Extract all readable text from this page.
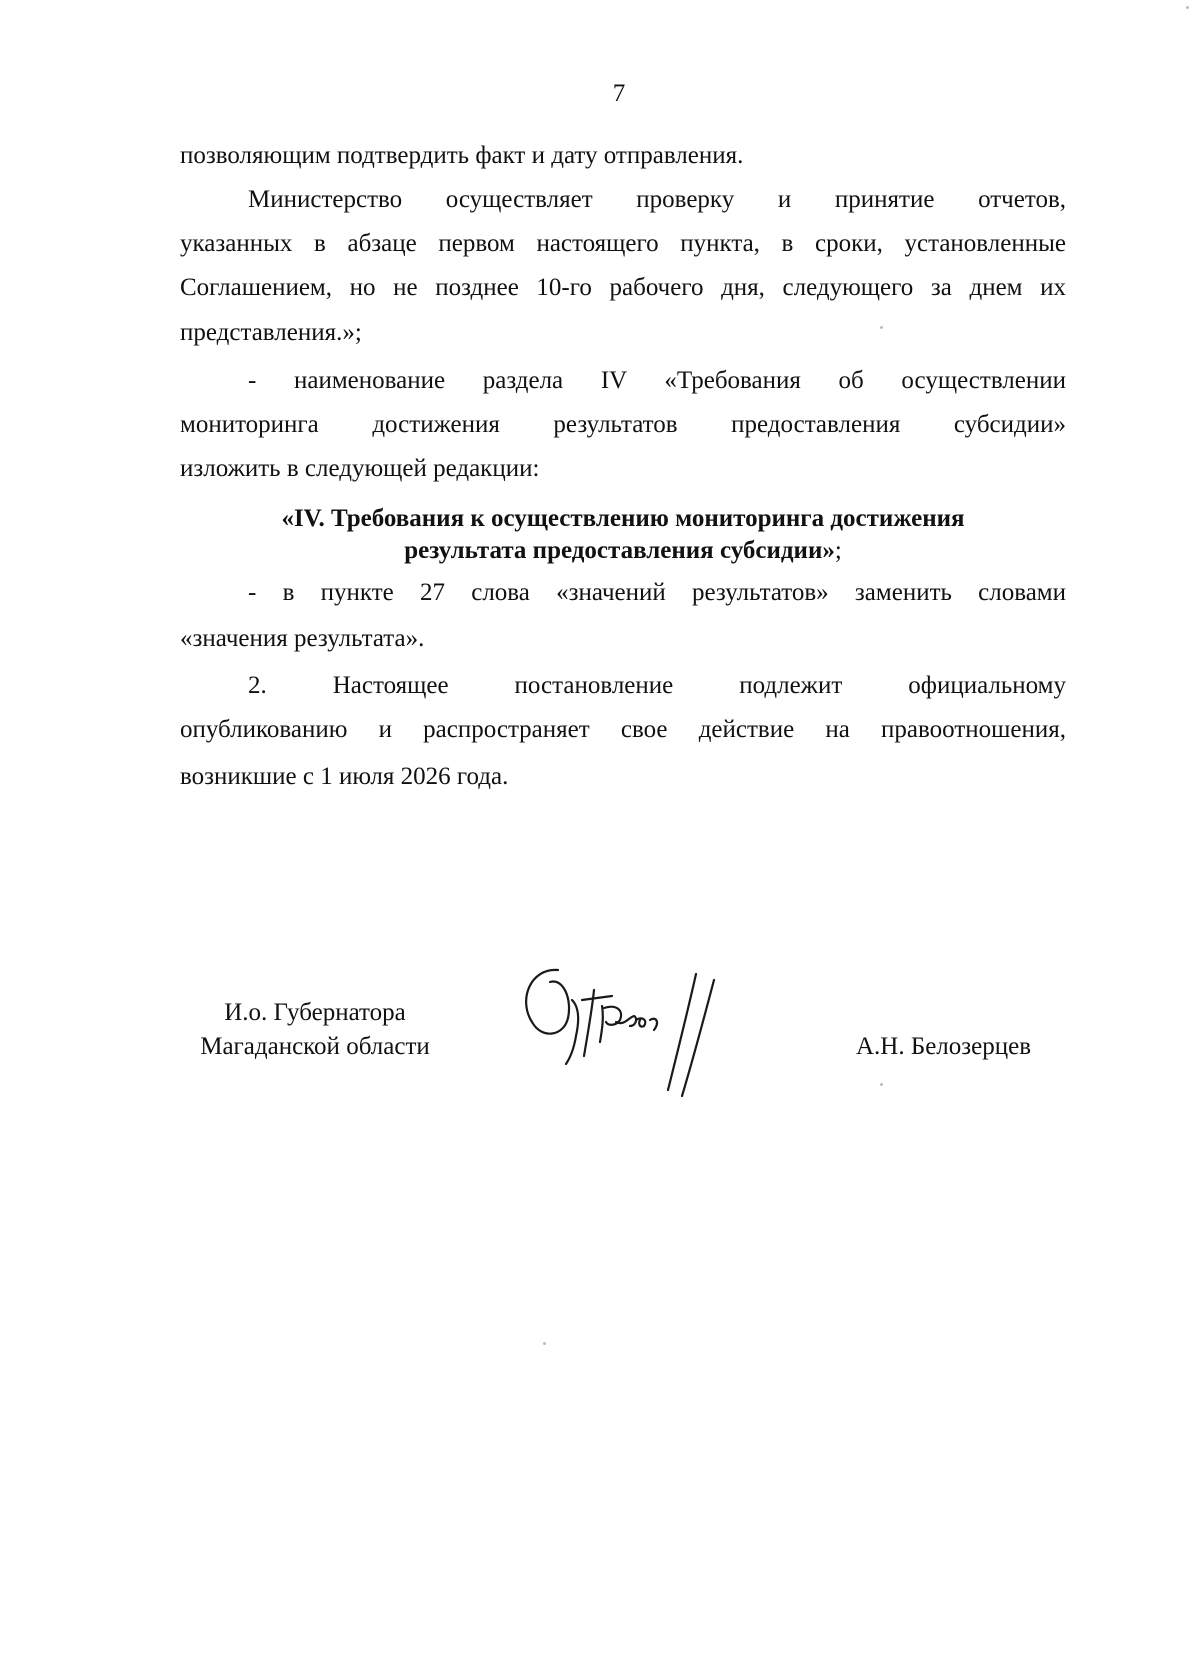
7
позволяющим подтвердить факт и дату отправления.
Министерство осуществляет проверку и принятие отчетов,
указанных в абзаце первом настоящего пункта, в сроки, установленные
Соглашением, но не позднее 10-го рабочего дня, следующего за днем их
представления.»;
- наименование раздела IV «Требования об осуществлении
мониторинга достижения результатов предоставления субсидии»
изложить в следующей редакции:
«IV. Требования к осуществлению мониторинга достижения
результата предоставления субсидии»;
- в пункте 27 слова «значений результатов» заменить словами
«значения результата».
2. Настоящее постановление подлежит официальному
опубликованию и распространяет свое действие на правоотношения,
возникшие с 1 июля 2026 года.
И.о. Губернатора
Магаданской области	А.Н. Белозерцев
